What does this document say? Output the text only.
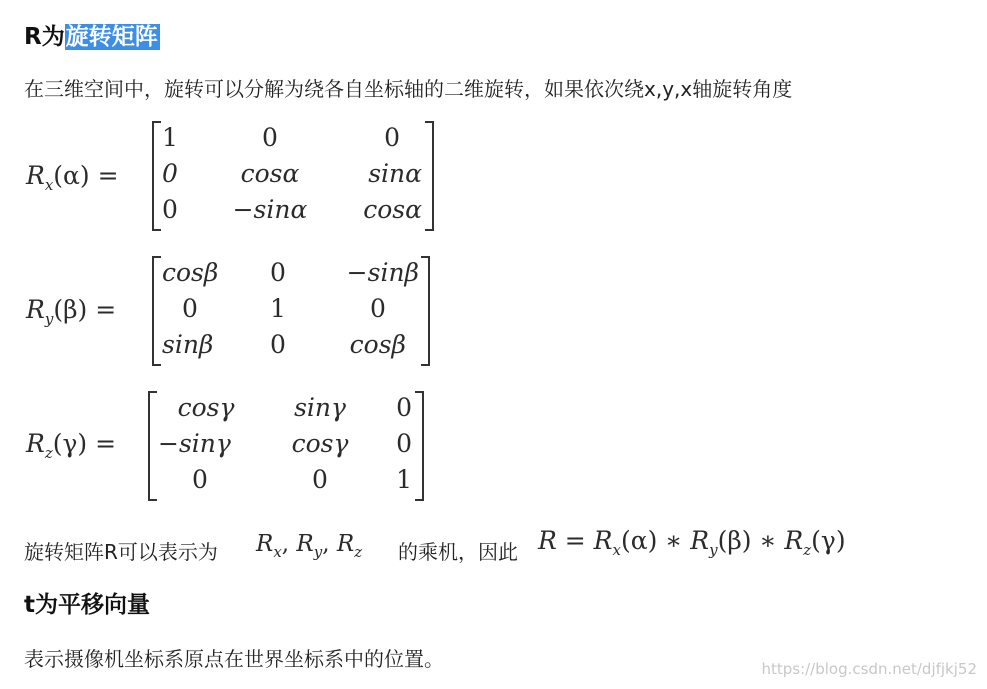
R为旋转矩阵
在三维空间中，旋转可以分解为绕各自坐标轴的二维旋转，如果依次绕x,y,x轴旋转角度
$R_x(\alpha)$ =
1	0	0
0	cosα	sinα
0	−sinα	cosα
$R_y(\beta)$ =
cosβ	0	−sinβ
0	1	0
sinβ	0	cosβ
$R_z(\gamma)$ =
cosγ	sinγ	0
−sinγ	cosγ	0
0	0	1
旋转矩阵R可以表示为 $R_x$, $R_y$, $R_z$ 的乘机，因此 $R = R_x(\alpha)$ ∗ $R_y(\beta)$ ∗ $R_z(\gamma)$
t为平移向量
表示摄像机坐标系原点在世界坐标系中的位置。	https://blog.csdn.net/djfjkj52
